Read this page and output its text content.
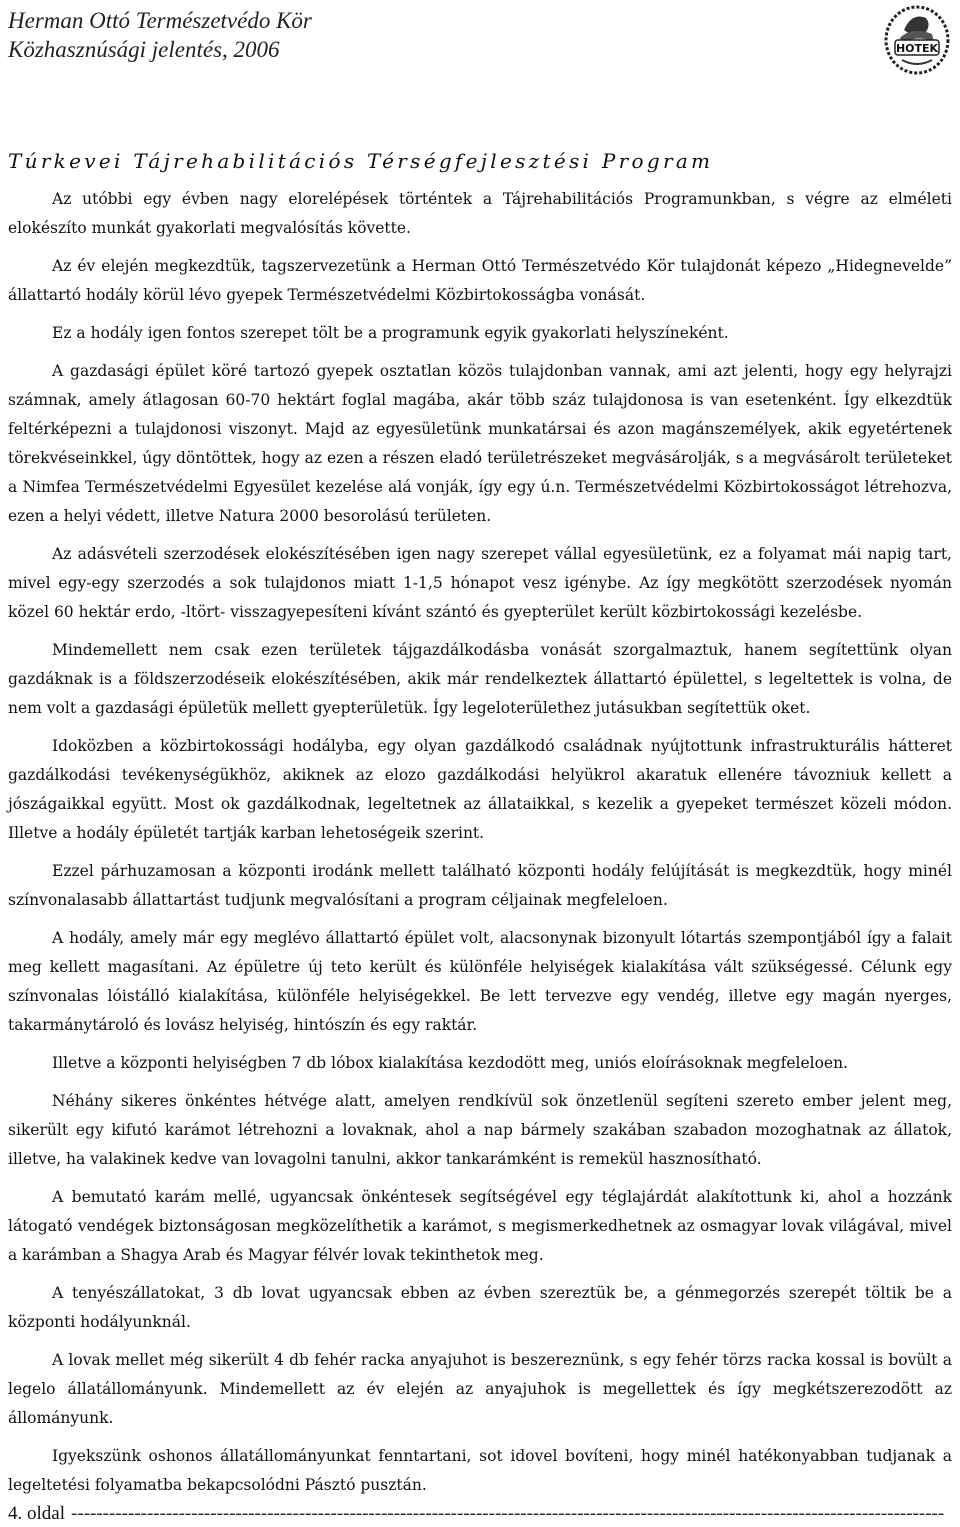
Herman Ottó Természetvédo Kör
Közhasznúsági jelentés, 2006	HOTEK
Túrkevei Tájrehabilitációs Térségfejlesztési Program

Az utóbbi egy évben nagy elorelépések történtek a Tájrehabilitációs Programunkban, s végre az elméleti elokészíto munkát gyakorlati megvalósítás követte.

Az év elején megkezdtük, tagszervezetünk a Herman Ottó Természetvédo Kör tulajdonát képezo „Hidegnevelde” állattartó hodály körül lévo gyepek Természetvédelmi Közbirtokosságba vonását.

Ez a hodály igen fontos szerepet tölt be a programunk egyik gyakorlati helyszíneként.

A gazdasági épület köré tartozó gyepek osztatlan közös tulajdonban vannak, ami azt jelenti, hogy egy helyrajzi számnak, amely átlagosan 60-70 hektárt foglal magába, akár több száz tulajdonosa is van esetenként. Így elkezdtük feltérképezni a tulajdonosi viszonyt. Majd az egyesületünk munkatársai és azon magánszemélyek, akik egyetértenek törekvéseinkkel, úgy döntöttek, hogy az ezen a részen eladó területrészeket megvásárolják, s a megvásárolt területeket a Nimfea Természetvédelmi Egyesület kezelése alá vonják, így egy ú.n. Természetvédelmi Közbirtokosságot létrehozva, ezen a helyi védett, illetve Natura 2000 besorolású területen.

Az adásvételi szerzodések elokészítésében igen nagy szerepet vállal egyesületünk, ez a folyamat mái napig tart, mivel egy-egy szerzodés a sok tulajdonos miatt 1-1,5 hónapot vesz igénybe. Az így megkötött szerzodések nyomán közel 60 hektár erdo, -ltört- visszagyepesíteni kívánt szántó és gyepterület került közbirtokossági kezelésbe.

Mindemellett nem csak ezen területek tájgazdálkodásba vonását szorgalmaztuk, hanem segítettünk olyan gazdáknak is a földszerzodéseik elokészítésében, akik már rendelkeztek állattartó épülettel, s legeltettek is volna, de nem volt a gazdasági épületük mellett gyepterületük. Így legeloterülethez jutásukban segítettük oket.

Idoközben a közbirtokossági hodályba, egy olyan gazdálkodó családnak nyújtottunk infrastrukturális hátteret gazdálkodási tevékenységükhöz, akiknek az elozo gazdálkodási helyükrol akaratuk ellenére távozniuk kellett a jószágaikkal együtt. Most ok gazdálkodnak, legeltetnek az állataikkal, s kezelik a gyepeket természet közeli módon. Illetve a hodály épületét tartják karban lehetoségeik szerint.

Ezzel párhuzamosan a központi irodánk mellett található központi hodály felújítását is megkezdtük, hogy minél színvonalasabb állattartást tudjunk megvalósítani a program céljainak megfeleloen.

A hodály, amely már egy meglévo állattartó épület volt, alacsonynak bizonyult lótartás szempontjából így a falait meg kellett magasítani. Az épületre új teto került és különféle helyiségek kialakítása vált szükségessé. Célunk egy színvonalas lóistálló kialakítása, különféle helyiségekkel. Be lett tervezve egy vendég, illetve egy magán nyerges, takarmánytároló és lovász helyiség, hintószín és egy raktár.

Illetve a központi helyiségben 7 db lóbox kialakítása kezdodött meg, uniós eloírásoknak megfeleloen.

Néhány sikeres önkéntes hétvége alatt, amelyen rendkívül sok önzetlenül segíteni szereto ember jelent meg, sikerült egy kifutó karámot létrehozni a lovaknak, ahol a nap bármely szakában szabadon mozoghatnak az állatok, illetve, ha valakinek kedve van lovagolni tanulni, akkor tankarámként is remekül hasznosítható.

A bemutató karám mellé, ugyancsak önkéntesek segítségével egy téglajárdát alakítottunk ki, ahol a hozzánk látogató vendégek biztonságosan megközelíthetik a karámot, s megismerkedhetnek az osmagyar lovak világával, mivel a karámban a Shagya Arab és Magyar félvér lovak tekinthetok meg.

A tenyészállatokat, 3 db lovat ugyancsak ebben az évben szereztük be, a génmegorzés szerepét töltik be a központi hodályunknál.

A lovak mellet még sikerült 4 db fehér racka anyajuhot is beszereznünk, s egy fehér törzs racka kossal is bovült a legelo állatállományunk. Mindemellett az év elején az anyajuhok is megellettek és így megkétszerezodött az állományunk.

Igyekszünk oshonos állatállományunkat fenntartani, sot idovel bovíteni, hogy minél hatékonyabban tudjanak a legeltetési folyamatba bekapcsolódni Pásztó pusztán.

4. oldal ------------------------------------------------------------------------------------------------------------------------------------------
